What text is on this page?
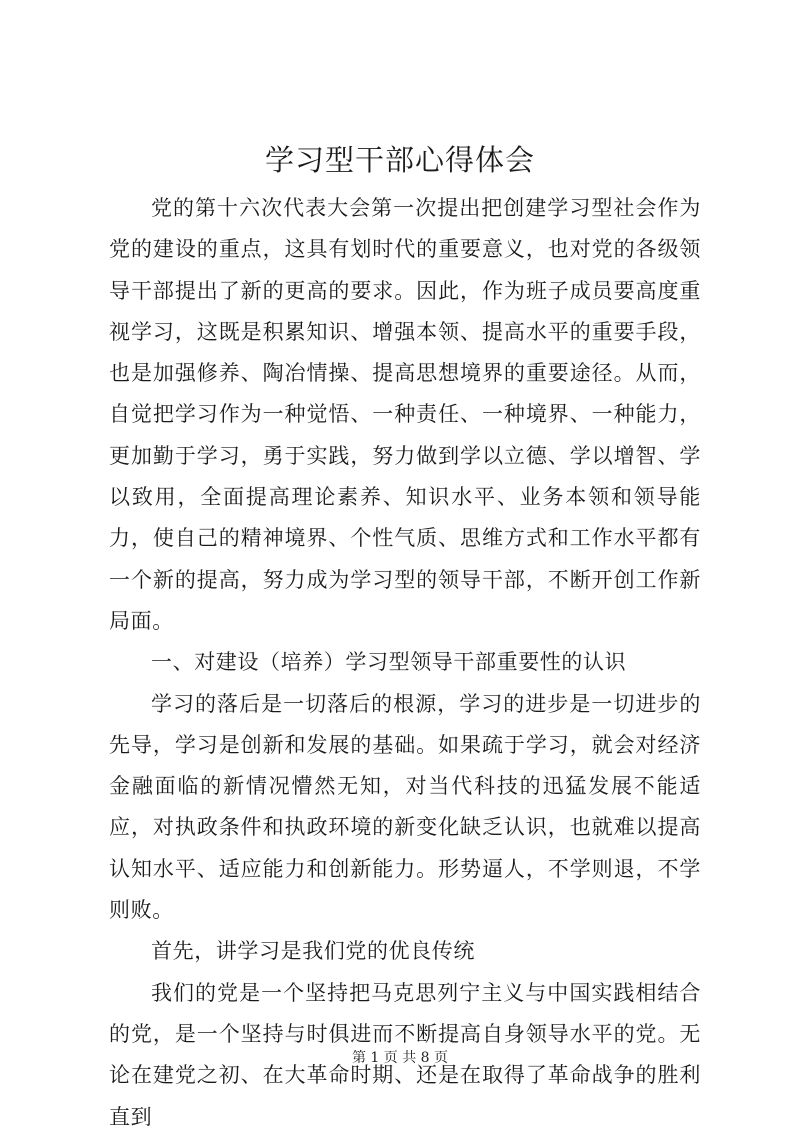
学习型干部心得体会

党的第十六次代表大会第一次提出把创建学习型社会作为党的建设的重点，这具有划时代的重要意义，也对党的各级领导干部提出了新的更高的要求。因此，作为班子成员要高度重视学习，这既是积累知识、增强本领、提高水平的重要手段，也是加强修养、陶冶情操、提高思想境界的重要途径。从而，自觉把学习作为一种觉悟、一种责任、一种境界、一种能力，更加勤于学习，勇于实践，努力做到学以立德、学以增智、学以致用，全面提高理论素养、知识水平、业务本领和领导能力，使自己的精神境界、个性气质、思维方式和工作水平都有一个新的提高，努力成为学习型的领导干部，不断开创工作新局面。

一、对建设（培养）学习型领导干部重要性的认识

学习的落后是一切落后的根源，学习的进步是一切进步的先导，学习是创新和发展的基础。如果疏于学习，就会对经济金融面临的新情况懵然无知，对当代科技的迅猛发展不能适应，对执政条件和执政环境的新变化缺乏认识，也就难以提高认知水平、适应能力和创新能力。形势逼人，不学则退，不学则败。

首先，讲学习是我们党的优良传统

我们的党是一个坚持把马克思列宁主义与中国实践相结合的党，是一个坚持与时俱进而不断提高自身领导水平的党。无论在建党之初、在大革命时期、还是在取得了革命战争的胜利直到

第 1 页 共 8 页
